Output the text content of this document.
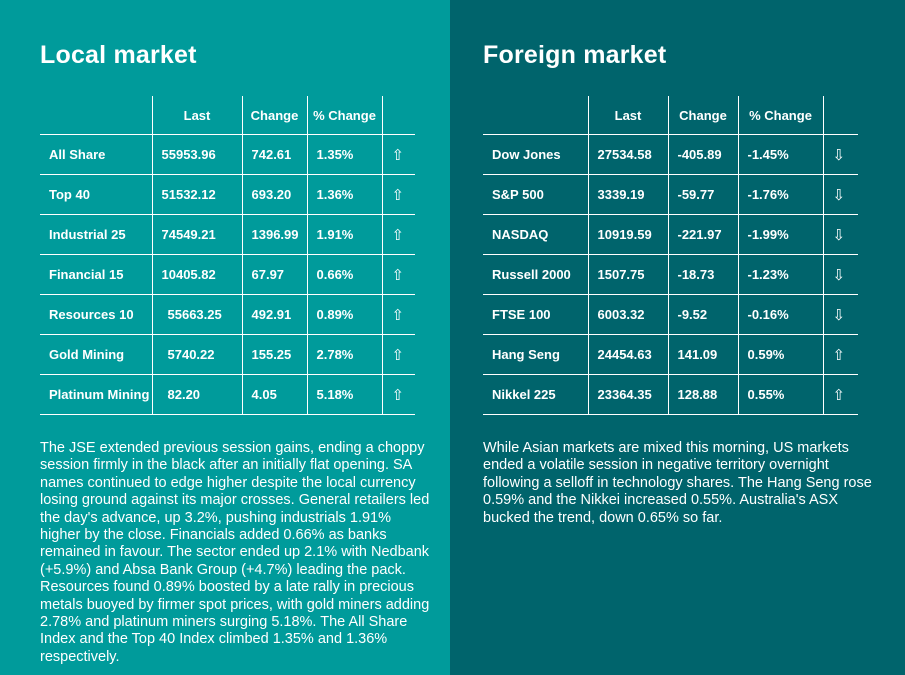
Local market
	Last	Change	% Change	
All Share	55953.96	742.61	1.35%	⇧
Top 40	51532.12	693.20	1.36%	⇧
Industrial 25	74549.21	1396.99	1.91%	⇧
Financial 15	10405.82	67.97	0.66%	⇧
Resources 10	55663.25	492.91	0.89%	⇧
Gold Mining	5740.22	155.25	2.78%	⇧
Platinum Mining	82.20	4.05	5.18%	⇧

The JSE extended previous session gains, ending a choppy session firmly in the black after an initially flat opening. SA names continued to edge higher despite the local currency losing ground against its major crosses. General retailers led the day's advance, up 3.2%, pushing industrials 1.91% higher by the close. Financials added 0.66% as banks remained in favour. The sector ended up 2.1% with Nedbank (+5.9%) and Absa Bank Group (+4.7%) leading the pack. Resources found 0.89% boosted by a late rally in precious metals buoyed by firmer spot prices, with gold miners adding 2.78% and platinum miners surging 5.18%. The All Share Index and the Top 40 Index climbed 1.35% and 1.36% respectively.

Foreign market
	Last	Change	% Change	
Dow Jones	27534.58	-405.89	-1.45%	⇩
S&P 500	3339.19	-59.77	-1.76%	⇩
NASDAQ	10919.59	-221.97	-1.99%	⇩
Russell 2000	1507.75	-18.73	-1.23%	⇩
FTSE 100	6003.32	-9.52	-0.16%	⇩
Hang Seng	24454.63	141.09	0.59%	⇧
Nikkel 225	23364.35	128.88	0.55%	⇧

While Asian markets are mixed this morning, US markets ended a volatile session in negative territory overnight following a selloff in technology shares. The Hang Seng rose 0.59% and the Nikkei increased 0.55%. Australia's ASX bucked the trend, down 0.65% so far.
